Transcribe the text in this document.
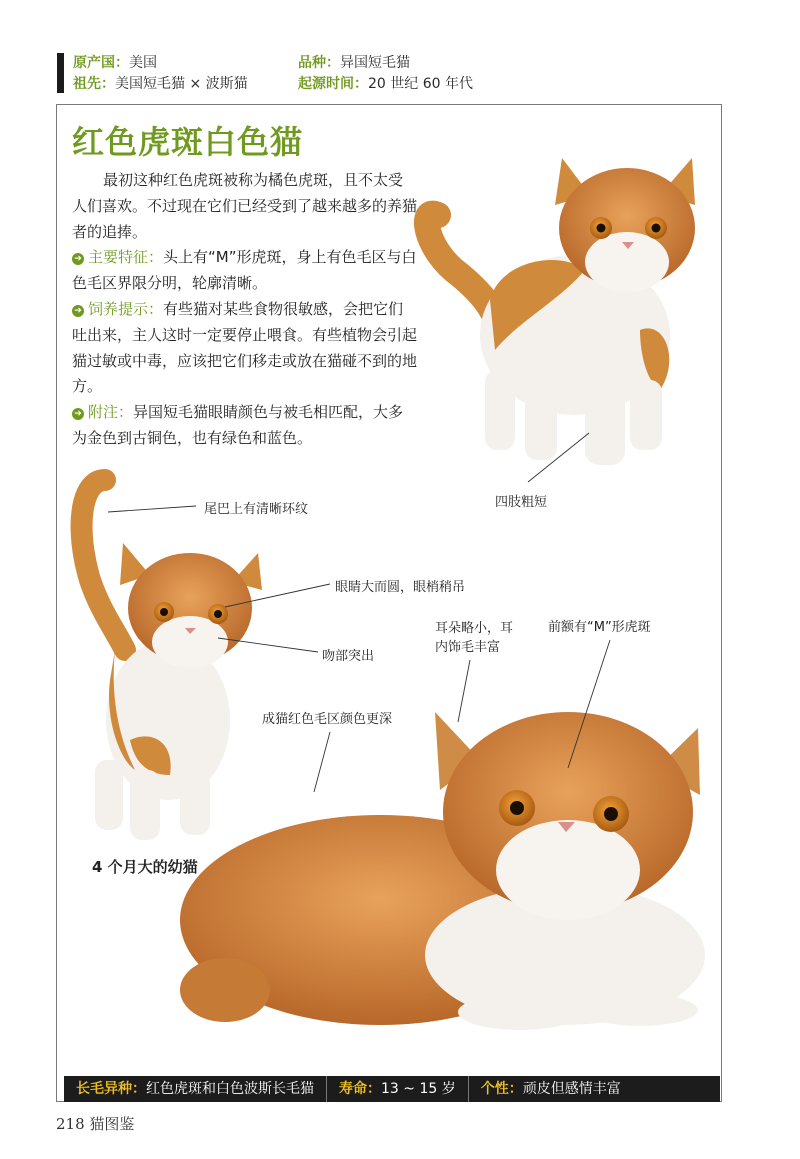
原产国：美国	品种：异国短毛猫
祖先：美国短毛猫 × 波斯猫	起源时间：20 世纪 60 年代
红色虎斑白色猫

最初这种红色虎斑被称为橘色虎斑，且不太受人们喜欢。不过现在它们已经受到了越来越多的养猫者的追捧。

➔ 主要特征：头上有“M”形虎斑，身上有色毛区与白色毛区界限分明，轮廓清晰。

➔ 饲养提示：有些猫对某些食物很敏感，会把它们吐出来，主人这时一定要停止喂食。有些植物会引起猫过敏或中毒，应该把它们移走或放在猫碰不到的地方。

➔ 附注：异国短毛猫眼睛颜色与被毛相匹配，大多为金色到古铜色，也有绿色和蓝色。

四肢粗短
尾巴上有清晰环纹
眼睛大而圆，眼梢稍吊
吻部突出
耳朵略小，耳
内饰毛丰富
前额有“M”形虎斑
成猫红色毛区颜色更深
4 个月大的幼猫
长毛异种：红色虎斑和白色波斯长毛猫	寿命：13 ~ 15 岁	个性：顽皮但感情丰富
218 猫图鉴
